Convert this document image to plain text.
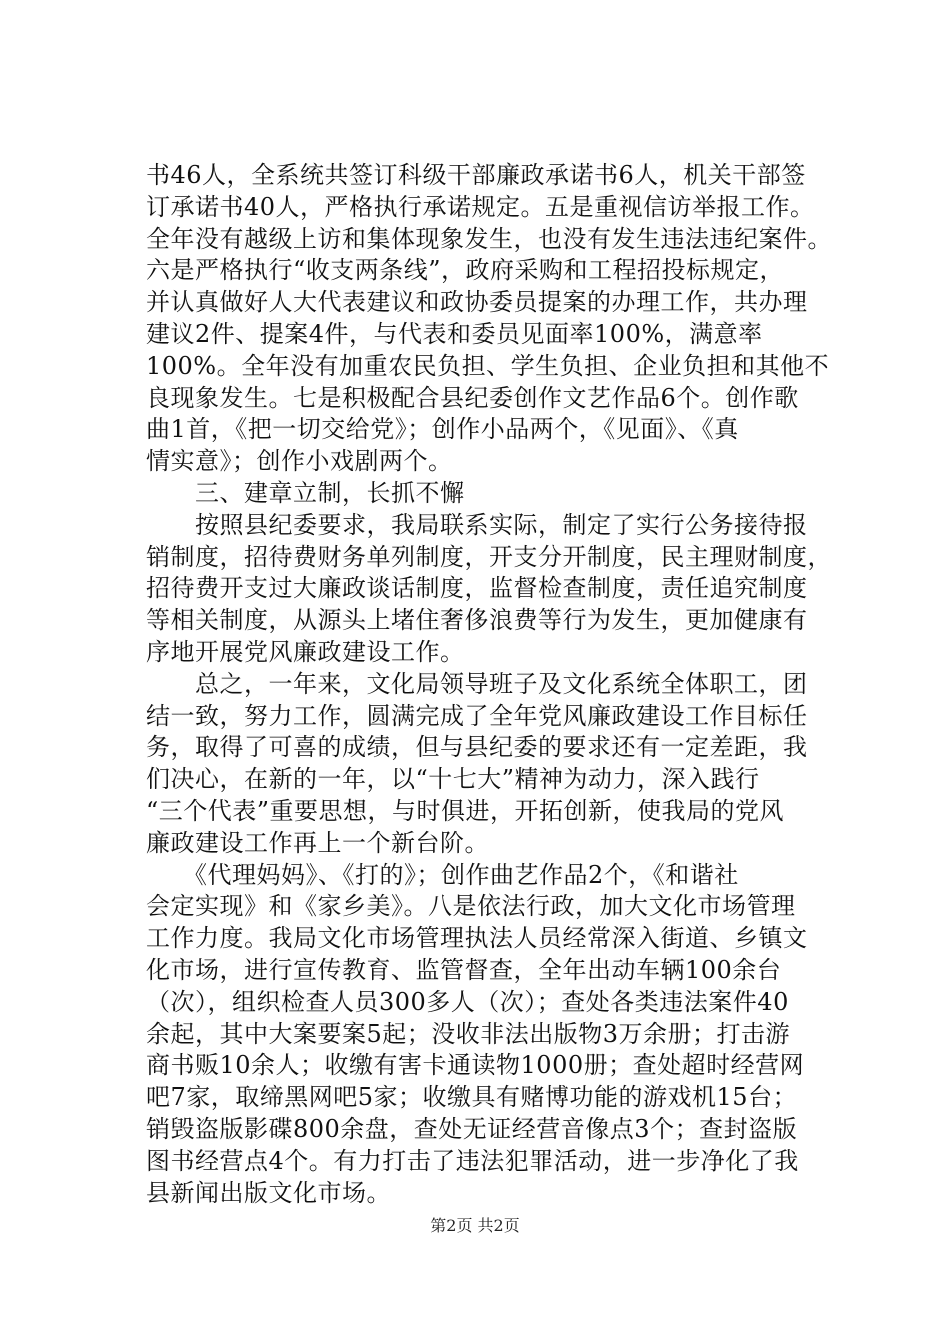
书46人，全系统共签订科级干部廉政承诺书6人，机关干部签
订承诺书40人，严格执行承诺规定。五是重视信访举报工作。
全年没有越级上访和集体现象发生，也没有发生违法违纪案件。
六是严格执行“收支两条线”，政府采购和工程招投标规定，
并认真做好人大代表建议和政协委员提案的办理工作，共办理
建议2件、提案4件，与代表和委员见面率100%，满意率
100%。全年没有加重农民负担、学生负担、企业负担和其他不
良现象发生。七是积极配合县纪委创作文艺作品6个。创作歌
曲1首，《把一切交给党》；创作小品两个，《见面》、《真
情实意》；创作小戏剧两个。
　　三、建章立制，长抓不懈
　　按照县纪委要求，我局联系实际，制定了实行公务接待报
销制度，招待费财务单列制度，开支分开制度，民主理财制度，
招待费开支过大廉政谈话制度，监督检查制度，责任追究制度
等相关制度，从源头上堵住奢侈浪费等行为发生，更加健康有
序地开展党风廉政建设工作。
　　总之，一年来，文化局领导班子及文化系统全体职工，团
结一致，努力工作，圆满完成了全年党风廉政建设工作目标任
务，取得了可喜的成绩，但与县纪委的要求还有一定差距，我
们决心，在新的一年，以“十七大”精神为动力，深入践行
“三个代表”重要思想，与时俱进，开拓创新，使我局的党风
廉政建设工作再上一个新台阶。
　　《代理妈妈》、《打的》；创作曲艺作品2个，《和谐社
会定实现》和《家乡美》。八是依法行政，加大文化市场管理
工作力度。我局文化市场管理执法人员经常深入街道、乡镇文
化市场，进行宣传教育、监管督查，全年出动车辆100余台
（次），组织检查人员300多人（次）；查处各类违法案件40
余起，其中大案要案5起；没收非法出版物3万余册；打击游
商书贩10余人；收缴有害卡通读物1000册；查处超时经营网
吧7家，取缔黑网吧5家；收缴具有赌博功能的游戏机15台；
销毁盗版影碟800余盘，查处无证经营音像点3个；查封盗版
图书经营点4个。有力打击了违法犯罪活动，进一步净化了我
县新闻出版文化市场。
第2页 共2页
